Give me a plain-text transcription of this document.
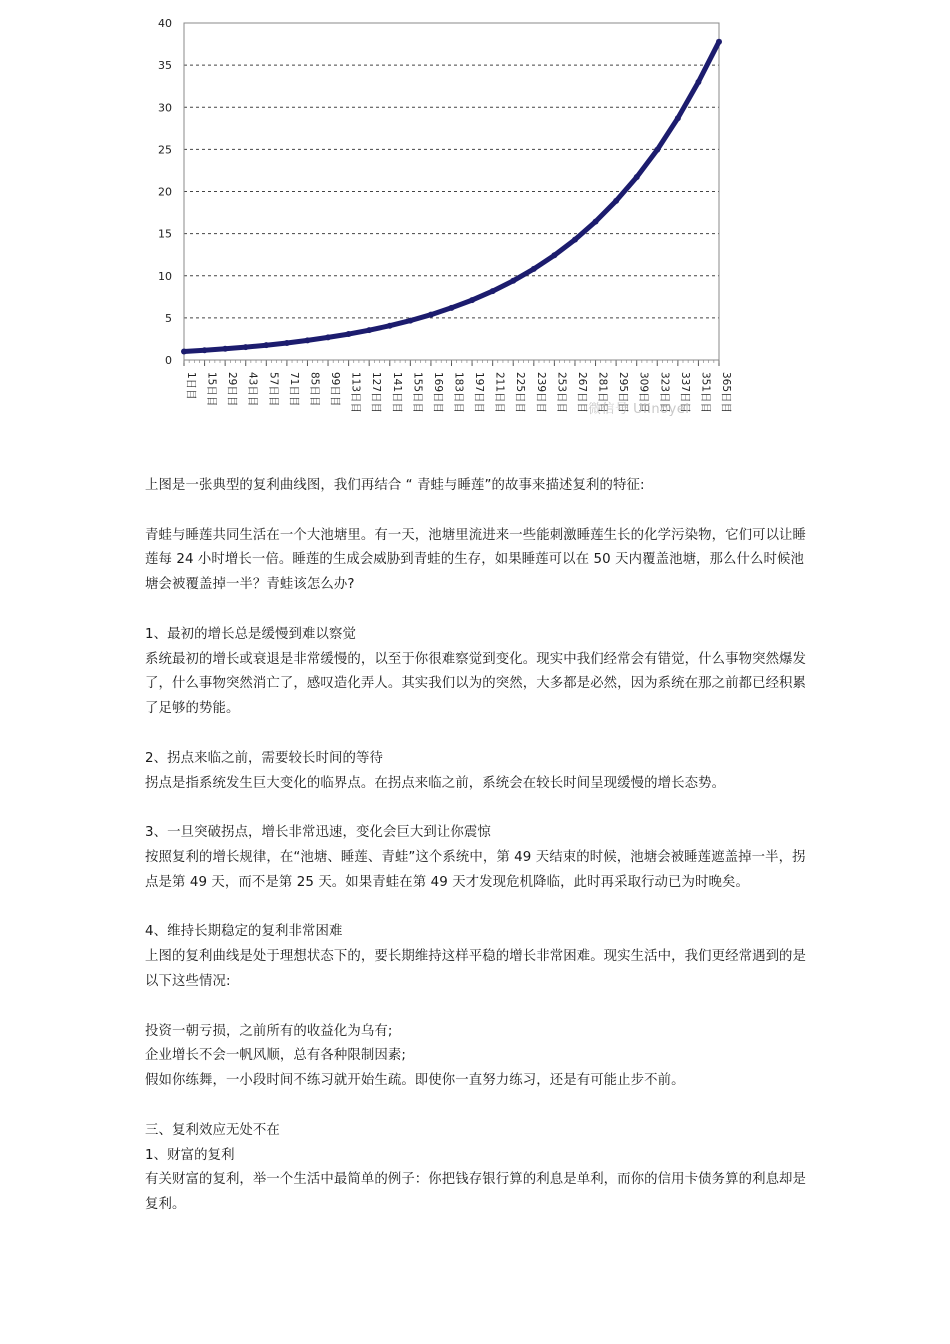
0
5
10
15
20
25
30
35
40
1日目 15日目 29日目 43日目 57日目 71日目 85日目 99日目 113日目 127日目 141日目 155日目 169日目 183日目 197日目 211日目 225日目 239日目 253日目 267日目 281日目 295日目 309日目 323日目 337日目 351日目 365日目
微信号 Ulinoyel

上图是一张典型的复利曲线图，我们再结合 “ 青蛙与睡莲”的故事来描述复利的特征:

青蛙与睡莲共同生活在一个大池塘里。有一天，池塘里流进来一些能刺激睡莲生长的化学污染物，它们可以让睡莲每 24 小时增长一倍。睡莲的生成会威胁到青蛙的生存，如果睡莲可以在 50 天内覆盖池塘，那么什么时候池塘会被覆盖掉一半？青蛙该怎么办?

1、最初的增长总是缓慢到难以察觉

系统最初的增长或衰退是非常缓慢的，以至于你很难察觉到变化。现实中我们经常会有错觉，什么事物突然爆发了，什么事物突然消亡了，感叹造化弄人。其实我们以为的突然，大多都是必然，因为系统在那之前都已经积累了足够的势能。

2、拐点来临之前，需要较长时间的等待

拐点是指系统发生巨大变化的临界点。在拐点来临之前，系统会在较长时间呈现缓慢的增长态势。

3、一旦突破拐点，增长非常迅速，变化会巨大到让你震惊

按照复利的增长规律，在“池塘、睡莲、青蛙”这个系统中，第 49 天结束的时候，池塘会被睡莲遮盖掉一半，拐点是第 49 天，而不是第 25 天。如果青蛙在第 49 天才发现危机降临，此时再采取行动已为时晚矣。

4、维持长期稳定的复利非常困难

上图的复利曲线是处于理想状态下的，要长期维持这样平稳的增长非常困难。现实生活中，我们更经常遇到的是以下这些情况:

投资一朝亏损，之前所有的收益化为乌有;

企业增长不会一帆风顺，总有各种限制因素;

假如你练舞，一小段时间不练习就开始生疏。即使你一直努力练习，还是有可能止步不前。

三、复利效应无处不在

1、财富的复利

有关财富的复利，举一个生活中最简单的例子：你把钱存银行算的利息是单利，而你的信用卡债务算的利息却是复利。
